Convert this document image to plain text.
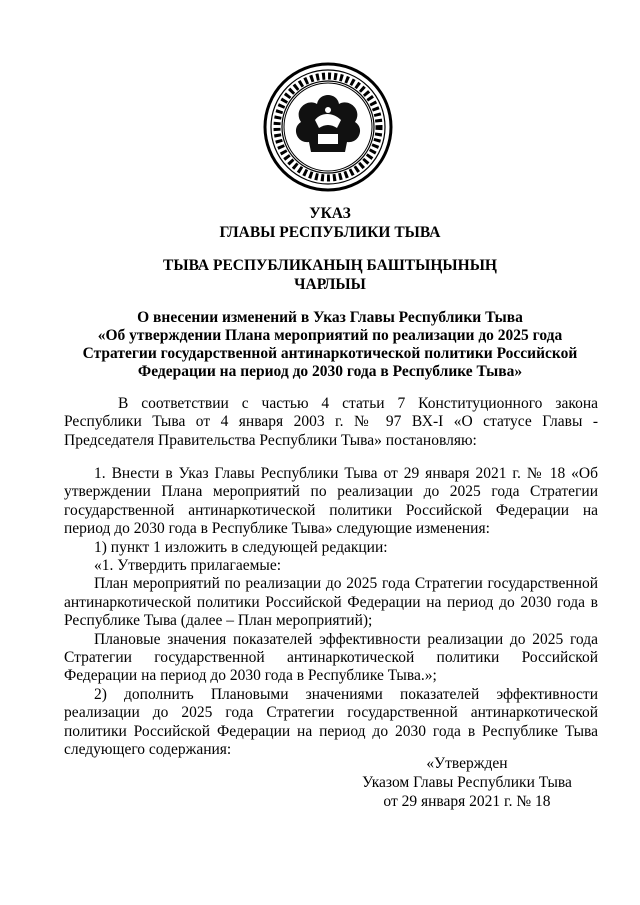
УКАЗ
ГЛАВЫ РЕСПУБЛИКИ ТЫВА
ТЫВА РЕСПУБЛИКАНЫҢ БАШТЫҢЫНЫҢ
ЧАРЛЫЫ
О внесении изменений в Указ Главы Республики Тыва
«Об утверждении Плана мероприятий по реализации до 2025 года
Стратегии государственной антинаркотической политики Российской
Федерации на период до 2030 года в Республике Тыва»

В соответствии с частью 4 статьи 7 Конституционного закона Республики Тыва от 4 января 2003 г. № 97 ВХ-I «О статусе Главы - Председателя Правительства Республики Тыва» постановляю:

1. Внести в Указ Главы Республики Тыва от 29 января 2021 г. № 18 «Об утверждении Плана мероприятий по реализации до 2025 года Стратегии государственной антинаркотической политики Российской Федерации на период до 2030 года в Республике Тыва» следующие изменения:

1) пункт 1 изложить в следующей редакции:

«1. Утвердить прилагаемые:

План мероприятий по реализации до 2025 года Стратегии государственной антинаркотической политики Российской Федерации на период до 2030 года в Республике Тыва (далее – План мероприятий);

Плановые значения показателей эффективности реализации до 2025 года Стратегии государственной антинаркотической политики Российской Федерации на период до 2030 года в Республике Тыва.»;

2) дополнить Плановыми значениями показателей эффективности реализации до 2025 года Стратегии государственной антинаркотической политики Российской Федерации на период до 2030 года в Республике Тыва следующего содержания:

«Утвержден
Указом Главы Республики Тыва
от 29 января 2021 г. № 18
